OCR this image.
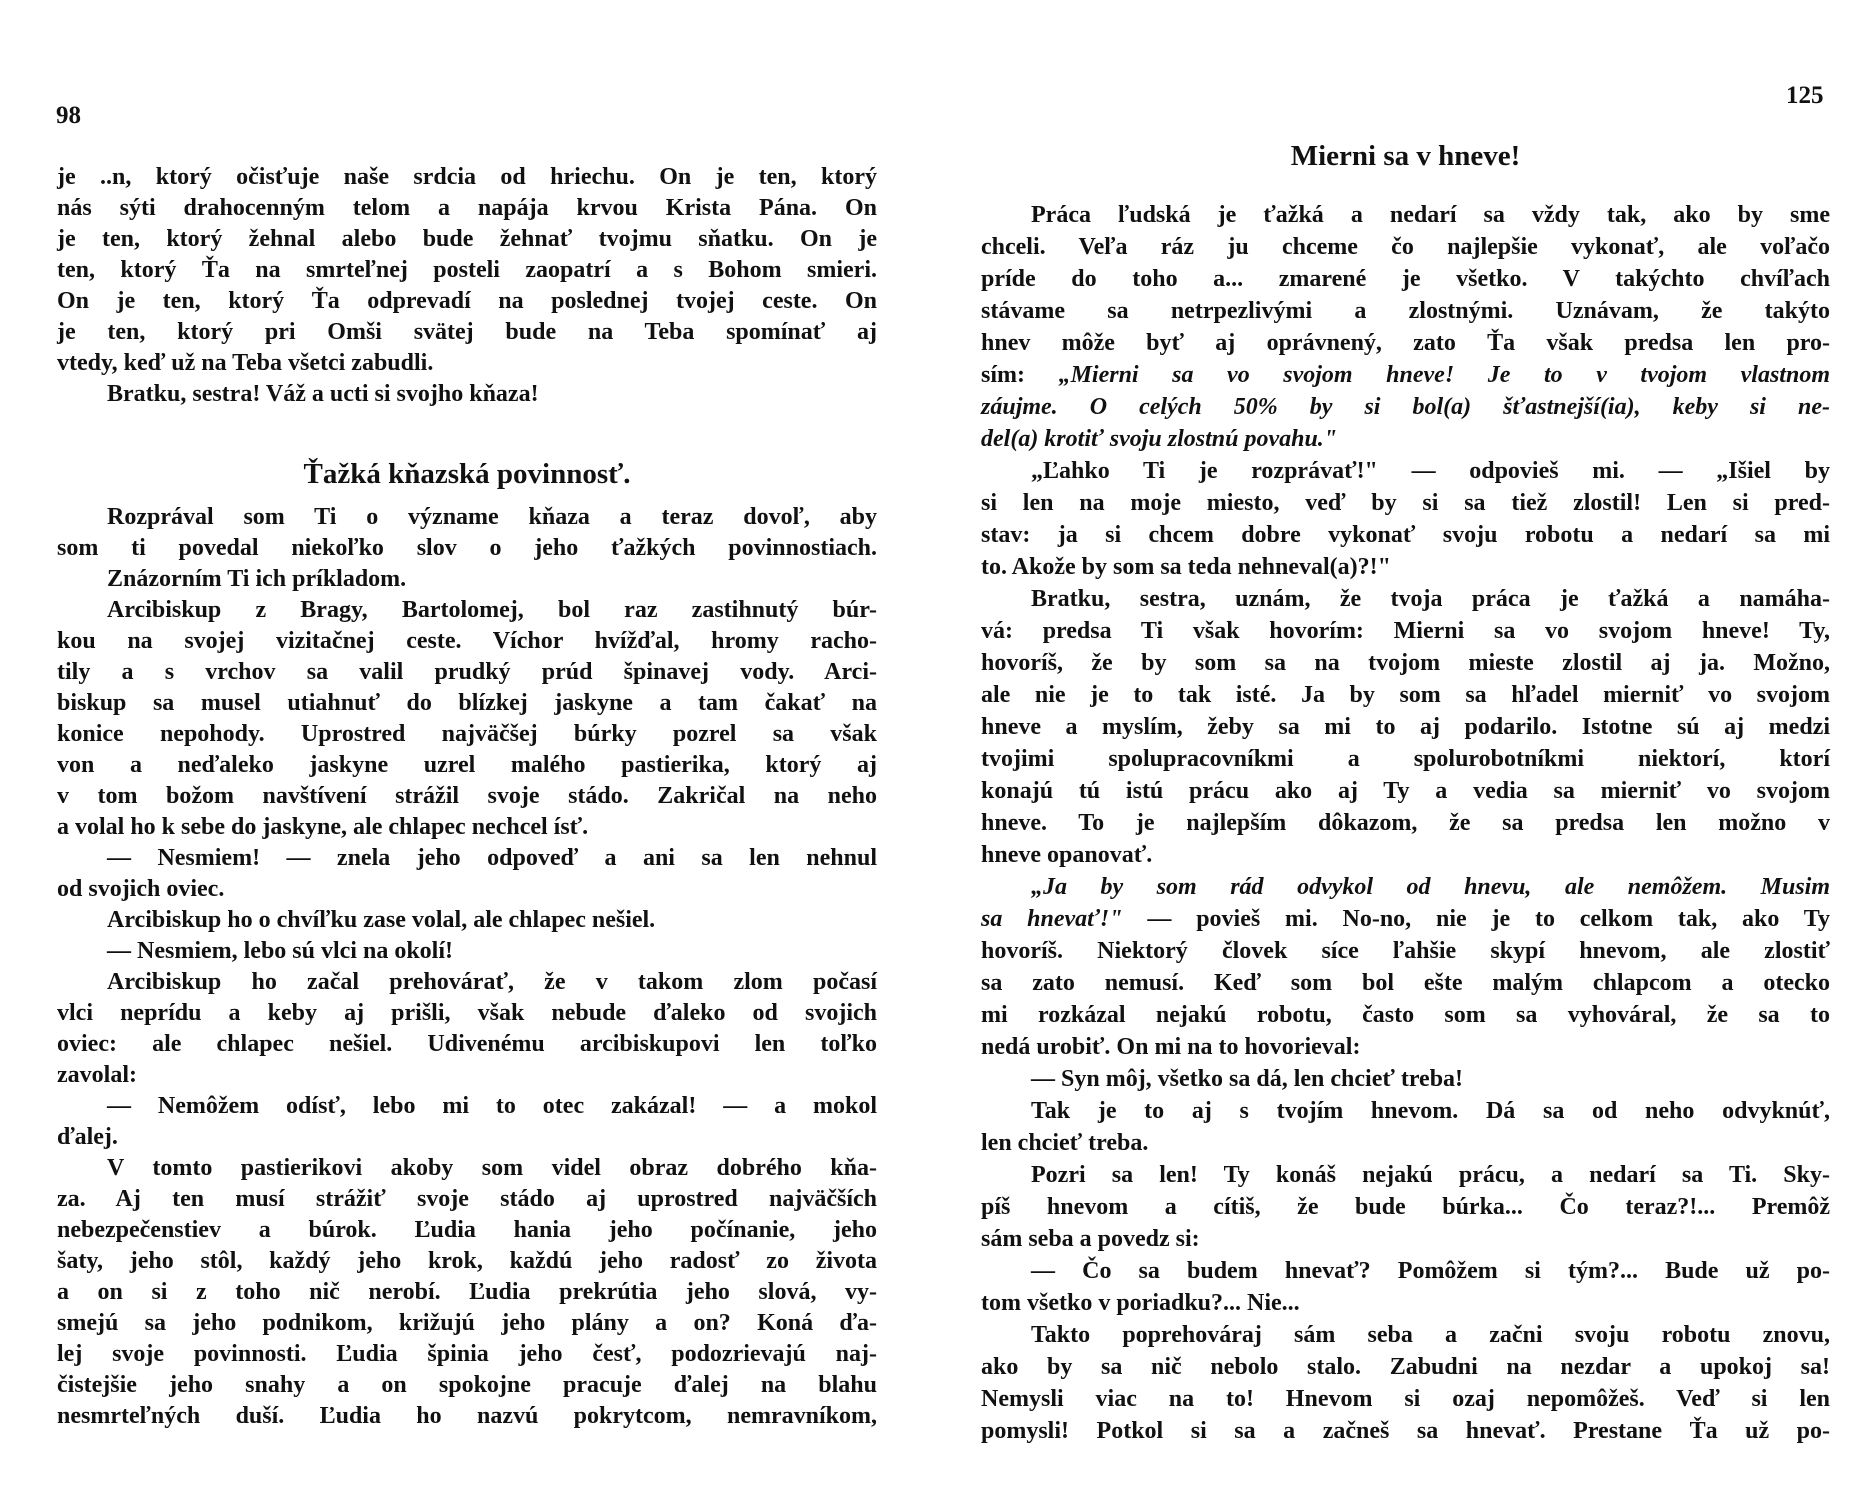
98
je ..n, ktorý očisťuje naše srdcia od hriechu. On je ten, ktorý
nás sýti drahocenným telom a napája krvou Krista Pána. On
je ten, ktorý žehnal alebo bude žehnať tvojmu sňatku. On je
ten, ktorý Ťa na smrteľnej posteli zaopatrí a s Bohom smieri.
On je ten, ktorý Ťa odprevadí na poslednej tvojej ceste. On
je ten, ktorý pri Omši svätej bude na Teba spomínať aj
vtedy, keď už na Teba všetci zabudli.
Bratku, sestra! Váž a ucti si svojho kňaza!
Ťažká kňazská povinnosť.
Rozprával som Ti o význame kňaza a teraz dovoľ, aby
som ti povedal niekoľko slov o jeho ťažkých povinnostiach.
Znázorním Ti ich príkladom.
Arcibiskup z Bragy, Bartolomej, bol raz zastihnutý búr-
kou na svojej vizitačnej ceste. Víchor hvížďal, hromy racho-
tily a s vrchov sa valil prudký prúd špinavej vody. Arci-
biskup sa musel utiahnuť do blízkej jaskyne a tam čakať na
konice nepohody. Uprostred najväčšej búrky pozrel sa však
von a neďaleko jaskyne uzrel malého pastierika, ktorý aj
v tom božom navštívení strážil svoje stádo. Zakričal na neho
a volal ho k sebe do jaskyne, ale chlapec nechcel ísť.
— Nesmiem! — znela jeho odpoveď a ani sa len nehnul
od svojich oviec.
Arcibiskup ho o chvíľku zase volal, ale chlapec nešiel.
— Nesmiem, lebo sú vlci na okolí!
Arcibiskup ho začal prehovárať, že v takom zlom počasí
vlci neprídu a keby aj prišli, však nebude ďaleko od svojich
oviec: ale chlapec nešiel. Udivenému arcibiskupovi len toľko
zavolal:
— Nemôžem odísť, lebo mi to otec zakázal! — a mokol
ďalej.
V tomto pastierikovi akoby som videl obraz dobrého kňa-
za. Aj ten musí strážiť svoje stádo aj uprostred najväčších
nebezpečenstiev a búrok. Ľudia hania jeho počínanie, jeho
šaty, jeho stôl, každý jeho krok, každú jeho radosť zo života
a on si z toho nič nerobí. Ľudia prekrútia jeho slová, vy-
smejú sa jeho podnikom, križujú jeho plány a on? Koná ďa-
lej svoje povinnosti. Ľudia špinia jeho česť, podozrievajú naj-
čistejšie jeho snahy a on spokojne pracuje ďalej na blahu
nesmrteľných duší. Ľudia ho nazvú pokrytcom, nemravníkom,
125
Mierni sa v hneve!
Práca ľudská je ťažká a nedarí sa vždy tak, ako by sme
chceli. Veľa ráz ju chceme čo najlepšie vykonať, ale voľačo
príde do toho a... zmarené je všetko. V takýchto chvíľach
stávame sa netrpezlivými a zlostnými. Uznávam, že takýto
hnev môže byť aj oprávnený, zato Ťa však predsa len pro-
sím: „Mierni sa vo svojom hneve! Je to v tvojom vlastnom
záujme. O celých 50% by si bol(a) šťastnejší(ia), keby si ne-
del(a) krotiť svoju zlostnú povahu."
„Ľahko Ti je rozprávať!" — odpovieš mi. — „Išiel by
si len na moje miesto, veď by si sa tiež zlostil! Len si pred-
stav: ja si chcem dobre vykonať svoju robotu a nedarí sa mi
to. Akože by som sa teda nehneval(a)?!"
Bratku, sestra, uznám, že tvoja práca je ťažká a namáha-
vá: predsa Ti však hovorím: Mierni sa vo svojom hneve! Ty,
hovoríš, že by som sa na tvojom mieste zlostil aj ja. Možno,
ale nie je to tak isté. Ja by som sa hľadel mierniť vo svojom
hneve a myslím, žeby sa mi to aj podarilo. Istotne sú aj medzi
tvojimi spolupracovníkmi a spolurobotníkmi niektorí, ktorí
konajú tú istú prácu ako aj Ty a vedia sa mierniť vo svojom
hneve. To je najlepším dôkazom, že sa predsa len možno v
hneve opanovať.
„Ja by som rád odvykol od hnevu, ale nemôžem. Musim
sa hnevať!" — povieš mi. No-no, nie je to celkom tak, ako Ty
hovoríš. Niektorý človek síce ľahšie skypí hnevom, ale zlostiť
sa zato nemusí. Keď som bol ešte malým chlapcom a otecko
mi rozkázal nejakú robotu, často som sa vyhováral, že sa to
nedá urobiť. On mi na to hovorieval:
— Syn môj, všetko sa dá, len chcieť treba!
Tak je to aj s tvojím hnevom. Dá sa od neho odvyknúť,
len chcieť treba.
Pozri sa len! Ty konáš nejakú prácu, a nedarí sa Ti. Sky-
píš hnevom a cítiš, že bude búrka... Čo teraz?!... Premôž
sám seba a povedz si:
— Čo sa budem hnevať? Pomôžem si tým?... Bude už po-
tom všetko v poriadku?... Nie...
Takto poprehováraj sám seba a začni svoju robotu znovu,
ako by sa nič nebolo stalo. Zabudni na nezdar a upokoj sa!
Nemysli viac na to! Hnevom si ozaj nepomôžeš. Veď si len
pomysli! Potkol si sa a začneš sa hnevať. Prestane Ťa už po-
